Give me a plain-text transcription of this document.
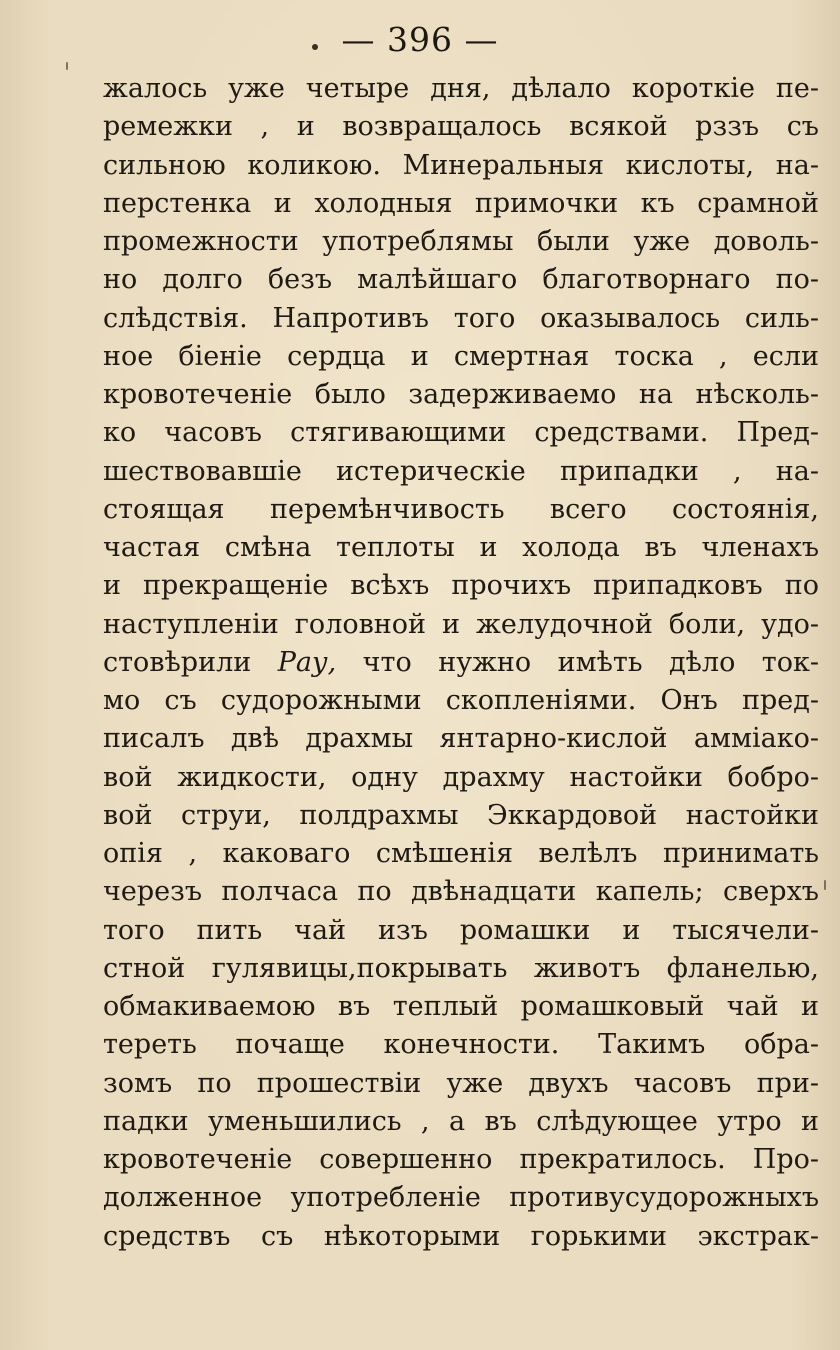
— 396 —
жалось уже четыре дня, дѣлало короткіе пе-
ремежки , и возвращалось всякой рззъ съ
сильною коликою. Минеральныя кислоты, на-
перстенка и холодныя примочки къ срамной
промежности употреблямы были уже доволь-
но долго безъ малѣйшаго благотворнаго по-
слѣдствія. Напротивъ того оказывалось силь-
ное біеніе сердца и смертная тоска , если
кровотеченіе было задерживаемо на нѣсколь-
ко часовъ стягивающими средствами. Пред-
шествовавшіе истерическіе припадки , на-
стоящая перемѣнчивость всего состоянія,
частая смѣна теплоты и холода въ членахъ
и прекращеніе всѣхъ прочихъ припадковъ по
наступленіи головной и желудочной боли, удо-
стовѣрили Рау, что нужно имѣть дѣло ток-
мо съ судорожными скопленіями. Онъ пред-
писалъ двѣ драхмы янтарно-кислой аммiако-
вой жидкости, одну драхму настойки бобро-
вой струи, полдрахмы Эккардовой настойки
опія , каковаго смѣшенія велѣлъ принимать
черезъ полчаса по двѣнадцати капель; сверхъ
того пить чай изъ ромашки и тысячели-
стной гулявицы,покрывать животъ фланелью,
обмакиваемою въ теплый ромашковый чай и
тереть почаще конечности. Такимъ обра-
зомъ по прошествіи уже двухъ часовъ при-
падки уменьшились , а въ слѣдующее утро и
кровотеченіе совершенно прекратилось. Про-
долженное употребленіе противусудорожныхъ
средствъ съ нѣкоторыми горькими экстрак-
